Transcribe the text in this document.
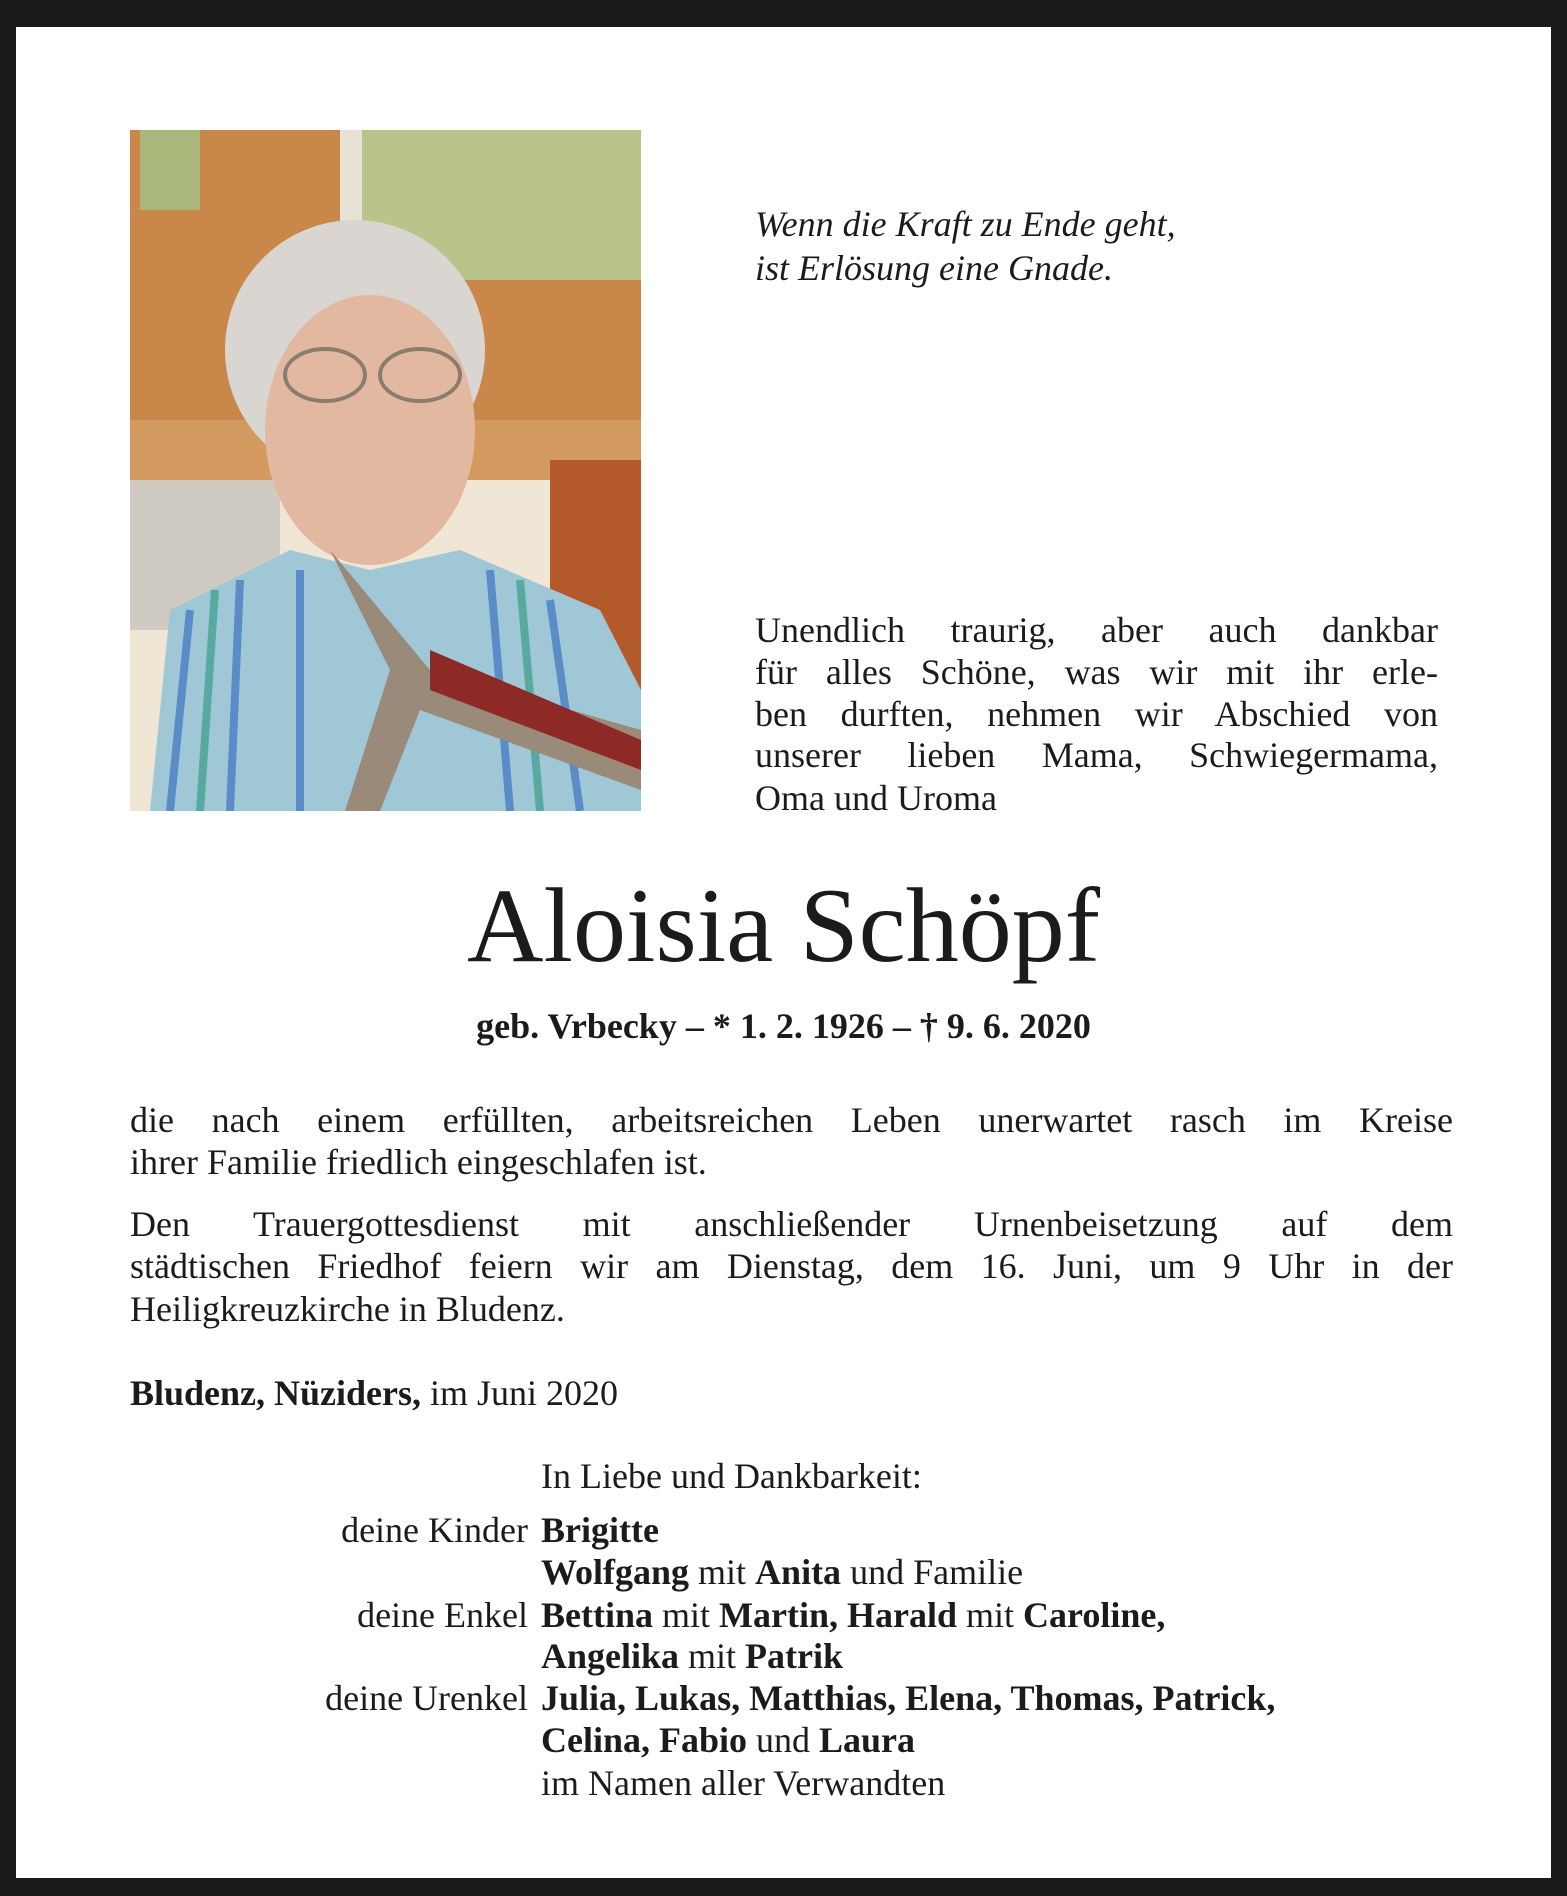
Wenn die Kraft zu Ende geht,
ist Erlösung eine Gnade.
Unendlich traurig, aber auch dankbar
für alles Schöne, was wir mit ihr erle-
ben durften, nehmen wir Abschied von
unserer lieben Mama, Schwiegermama,
Oma und Uroma
Aloisia Schöpf
geb. Vrbecky – * 1. 2. 1926 – † 9. 6. 2020
die nach einem erfüllten, arbeitsreichen Leben unerwartet rasch im Kreise
ihrer Familie friedlich eingeschlafen ist.
Den Trauergottesdienst mit anschließender Urnenbeisetzung auf dem
städtischen Friedhof feiern wir am Dienstag, dem 16. Juni, um 9 Uhr in der
Heiligkreuzkirche in Bludenz.
Bludenz, Nüziders, im Juni 2020
In Liebe und Dankbarkeit:
deine Kinder Brigitte
Wolfgang mit Anita und Familie
deine Enkel Bettina mit Martin, Harald mit Caroline,
Angelika mit Patrik
deine Urenkel Julia, Lukas, Matthias, Elena, Thomas, Patrick,
Celina, Fabio und Laura
im Namen aller Verwandten
